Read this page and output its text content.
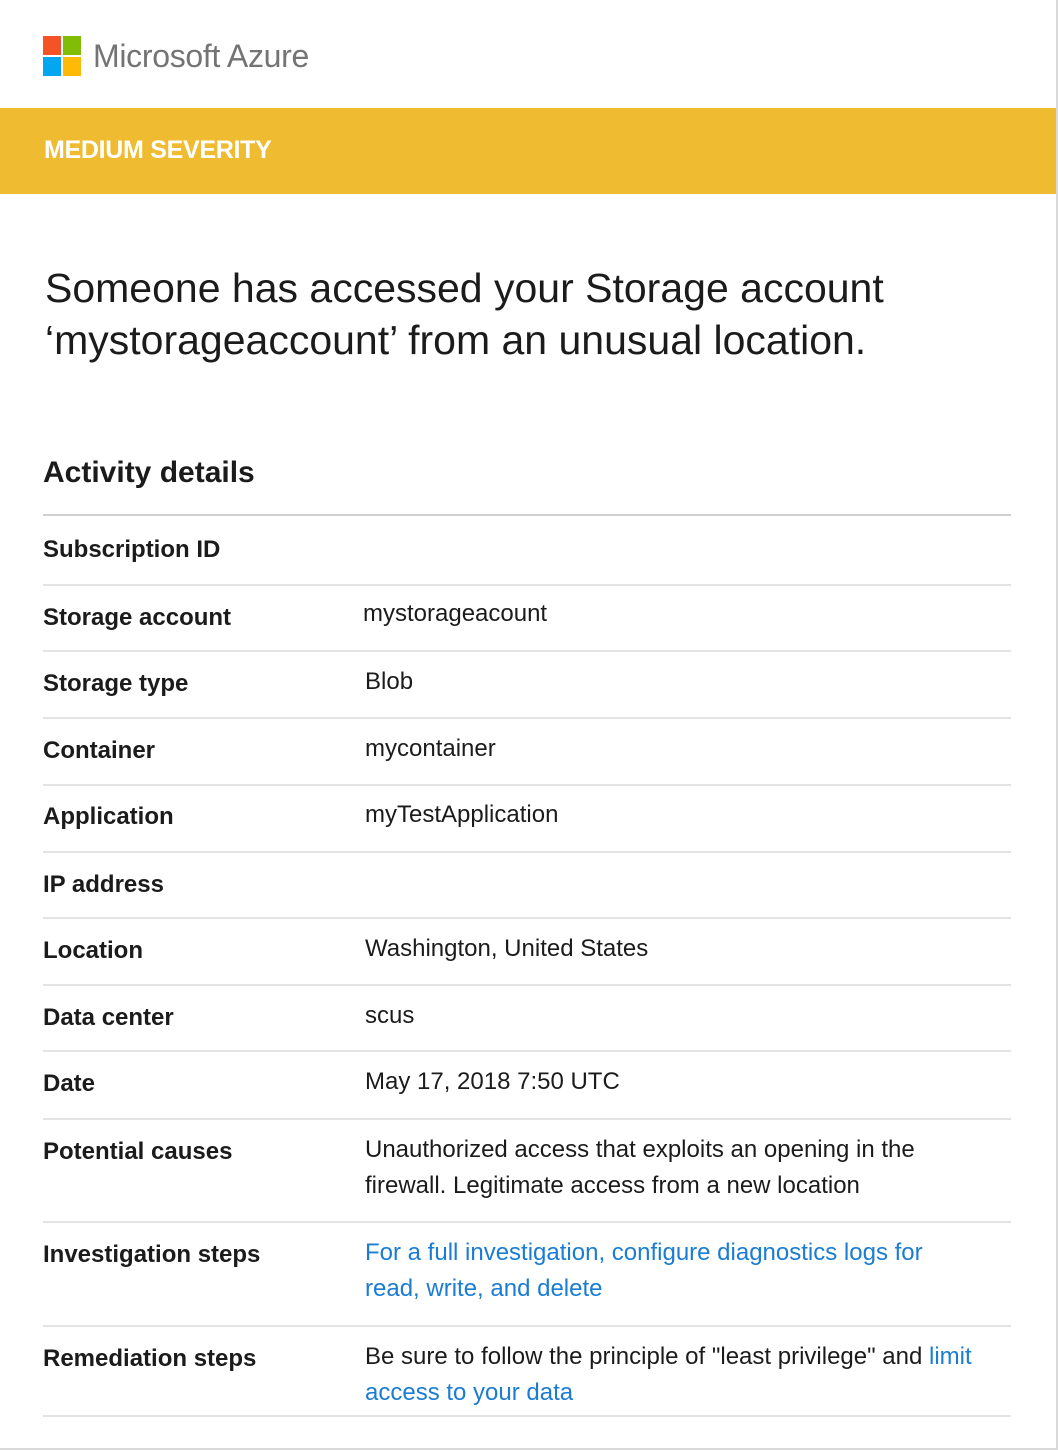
Microsoft Azure
MEDIUM SEVERITY
Someone has accessed your Storage account ‘mystorageaccount’ from an unusual location.
Activity details
Subscription ID
Storage account	mystorageacount
Storage type	Blob
Container	mycontainer
Application	myTestApplication
IP address
Location	Washington, United States
Data center	scus
Date	May 17, 2018 7:50 UTC
Potential causes	Unauthorized access that exploits an opening in the firewall. Legitimate access from a new location
Investigation steps	For a full investigation, configure diagnostics logs for read, write, and delete
Remediation steps	Be sure to follow the principle of "least privilege" and limit access to your data
